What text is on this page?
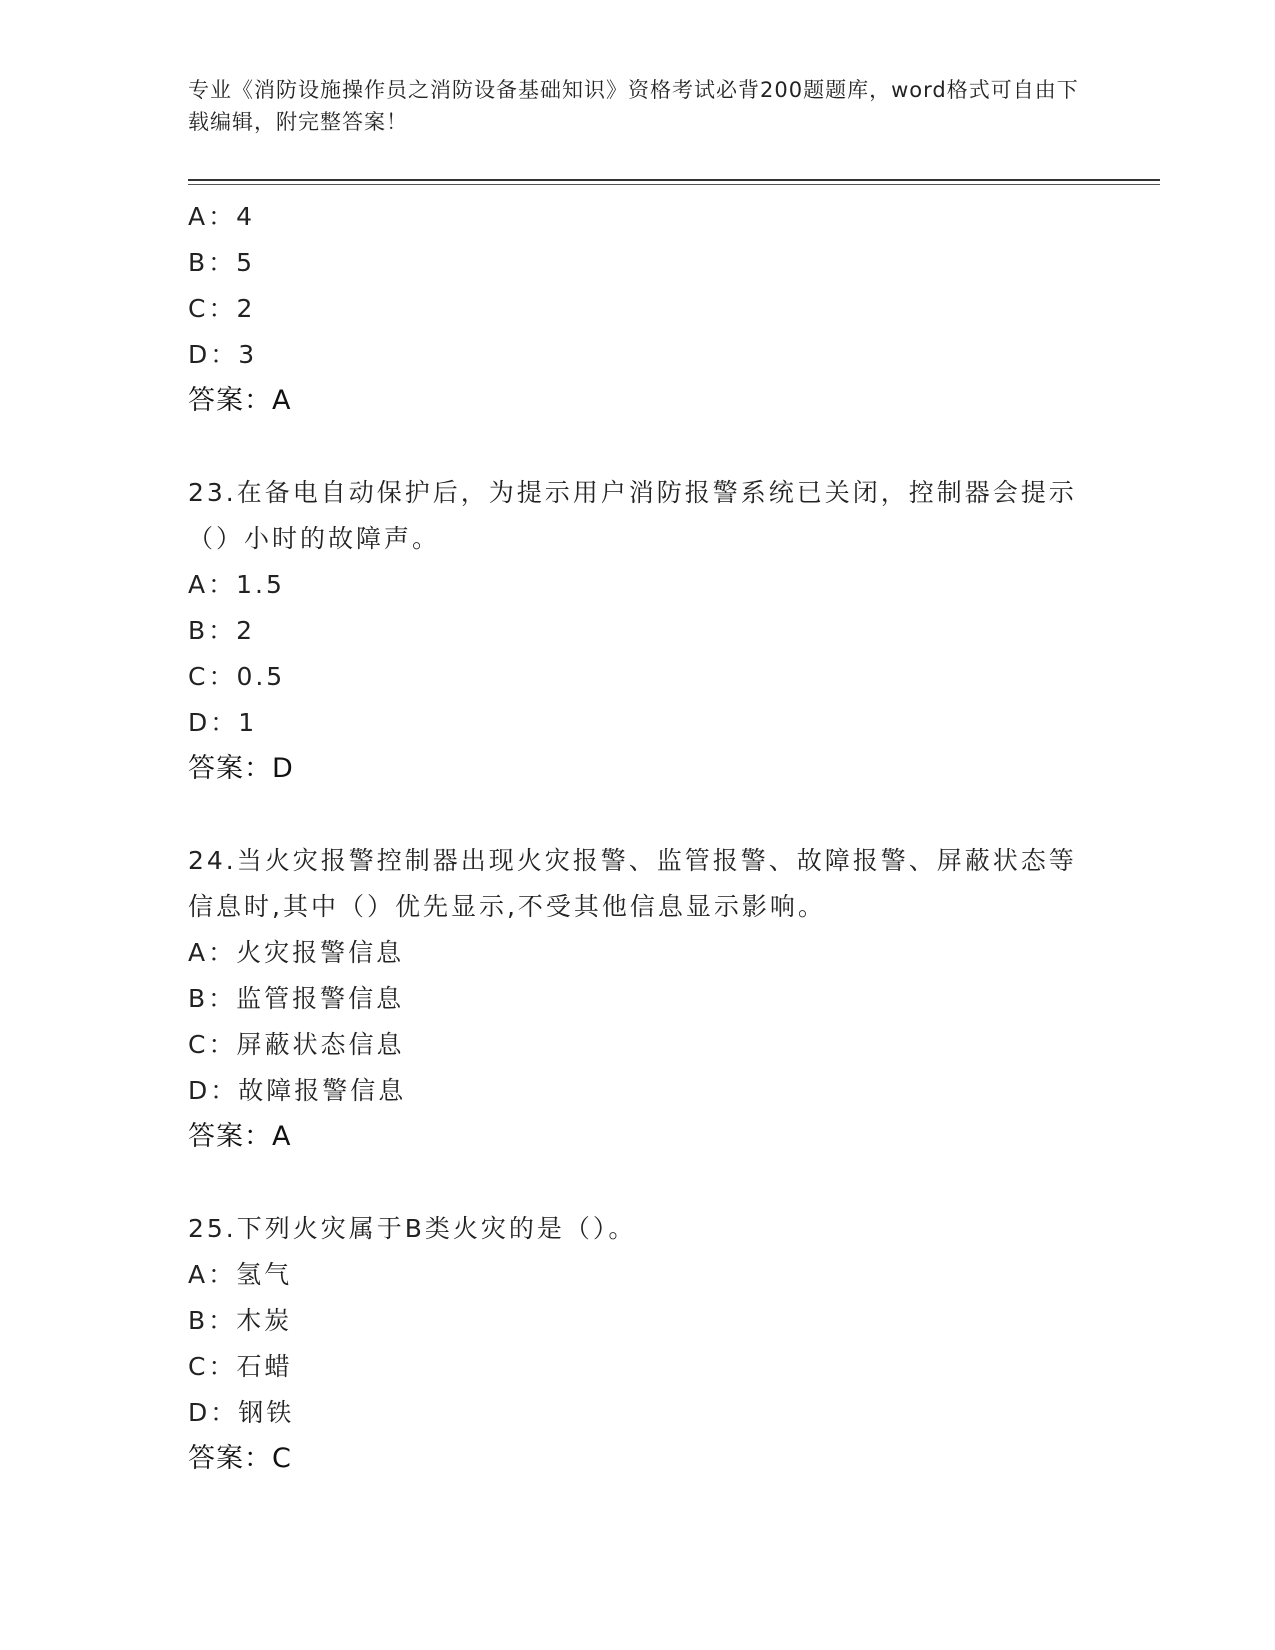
专业《消防设施操作员之消防设备基础知识》资格考试必背200题题库，word格式可自由下载编辑，附完整答案！
A：4
B：5
C：2
D：3
答案：A
23.在备电自动保护后，为提示用户消防报警系统已关闭，控制器会提示（）小时的故障声。
A：1.5
B：2
C：0.5
D：1
答案：D
24.当火灾报警控制器出现火灾报警、监管报警、故障报警、屏蔽状态等信息时,其中（）优先显示,不受其他信息显示影响。
A：火灾报警信息
B：监管报警信息
C：屏蔽状态信息
D：故障报警信息
答案：A
25.下列火灾属于B类火灾的是（）。
A：氢气
B：木炭
C：石蜡
D：钢铁
答案：C
